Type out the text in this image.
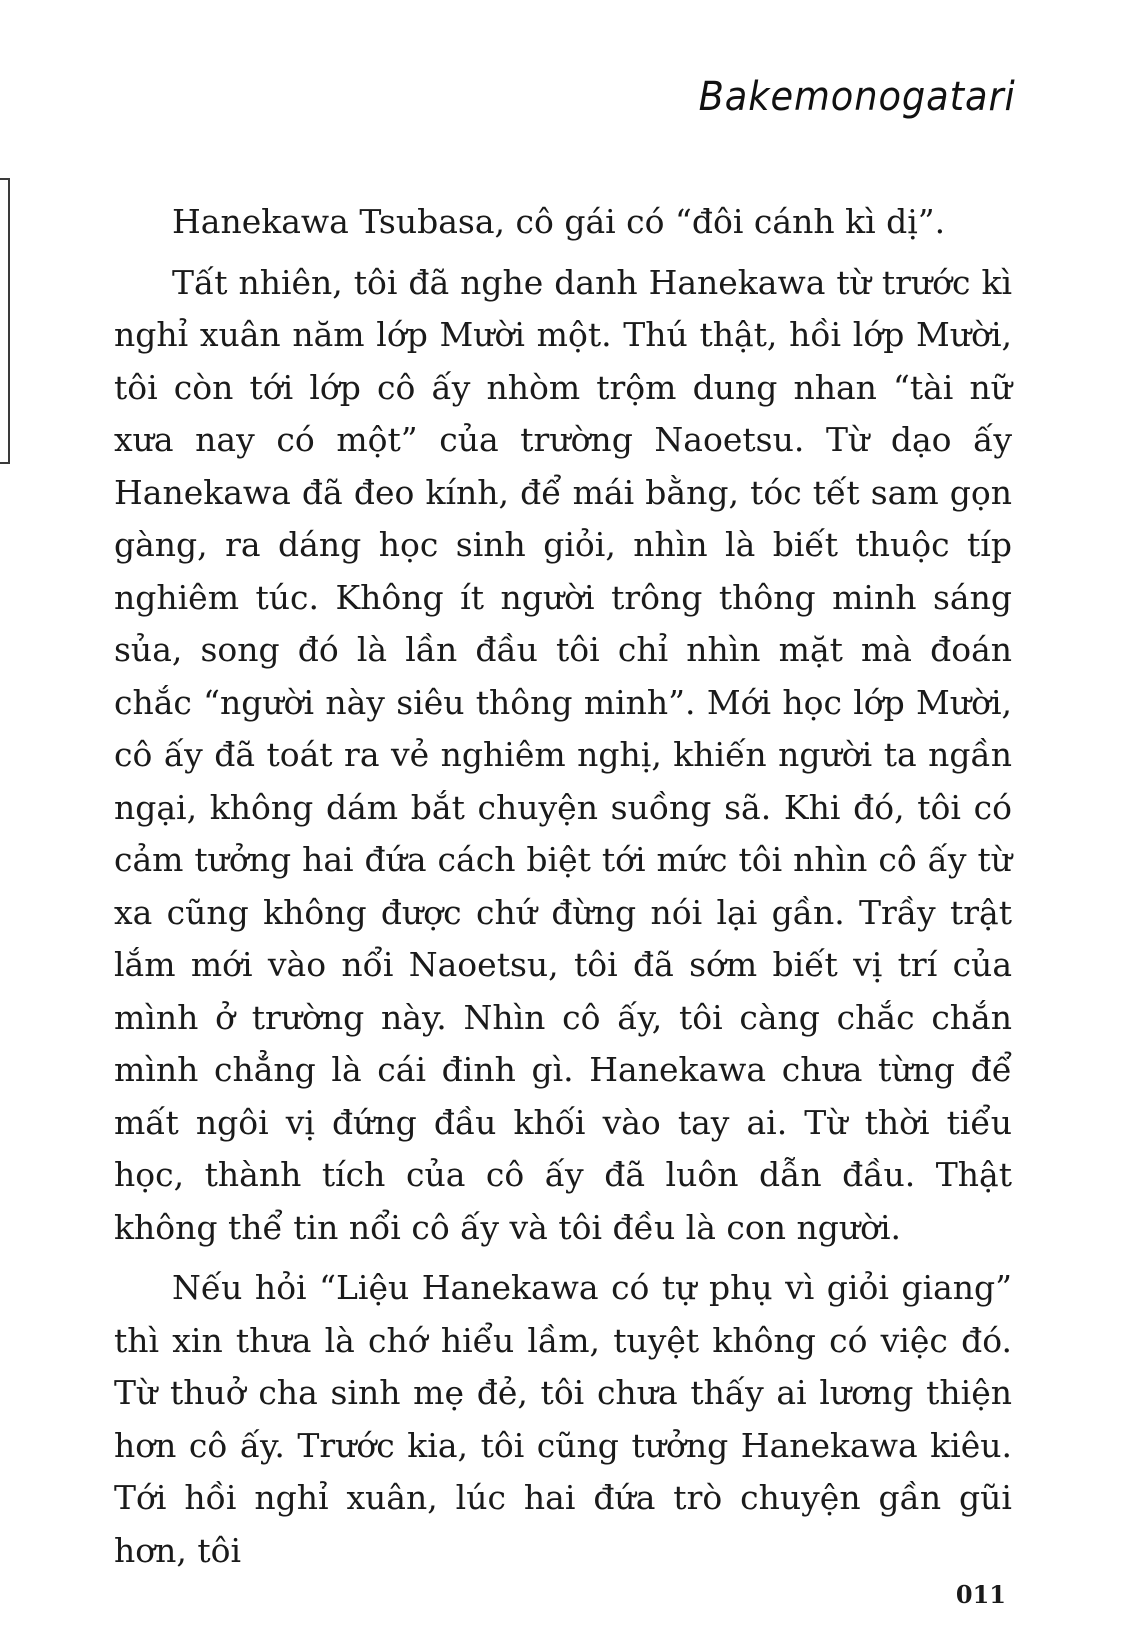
Bakemonogatari

Hanekawa Tsubasa, cô gái có “đôi cánh kì dị”.

Tất nhiên, tôi đã nghe danh Hanekawa từ trước kì nghỉ xuân năm lớp Mười một. Thú thật, hồi lớp Mười, tôi còn tới lớp cô ấy nhòm trộm dung nhan “tài nữ xưa nay có một” của trường Naoetsu. Từ dạo ấy Hanekawa đã đeo kính, để mái bằng, tóc tết sam gọn gàng, ra dáng học sinh giỏi, nhìn là biết thuộc típ nghiêm túc. Không ít người trông thông minh sáng sủa, song đó là lần đầu tôi chỉ nhìn mặt mà đoán chắc “người này siêu thông minh”. Mới học lớp Mười, cô ấy đã toát ra vẻ nghiêm nghị, khiến người ta ngần ngại, không dám bắt chuyện suồng sã. Khi đó, tôi có cảm tưởng hai đứa cách biệt tới mức tôi nhìn cô ấy từ xa cũng không được chứ đừng nói lại gần. Trầy trật lắm mới vào nổi Naoetsu, tôi đã sớm biết vị trí của mình ở trường này. Nhìn cô ấy, tôi càng chắc chắn mình chẳng là cái đinh gì. Hanekawa chưa từng để mất ngôi vị đứng đầu khối vào tay ai. Từ thời tiểu học, thành tích của cô ấy đã luôn dẫn đầu. Thật không thể tin nổi cô ấy và tôi đều là con người.

Nếu hỏi “Liệu Hanekawa có tự phụ vì giỏi giang” thì xin thưa là chớ hiểu lầm, tuyệt không có việc đó. Từ thuở cha sinh mẹ đẻ, tôi chưa thấy ai lương thiện hơn cô ấy. Trước kia, tôi cũng tưởng Hanekawa kiêu. Tới hồi nghỉ xuân, lúc hai đứa trò chuyện gần gũi hơn, tôi

011
